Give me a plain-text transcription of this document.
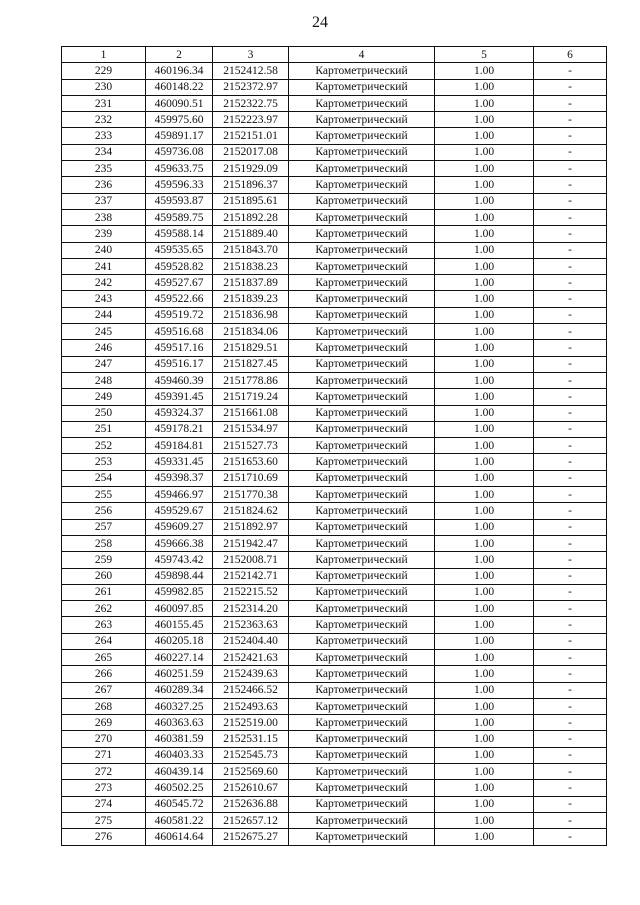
24
1	2	3	4	5	6
229	460196.34	2152412.58	Картометрический	1.00	-
230	460148.22	2152372.97	Картометрический	1.00	-
231	460090.51	2152322.75	Картометрический	1.00	-
232	459975.60	2152223.97	Картометрический	1.00	-
233	459891.17	2152151.01	Картометрический	1.00	-
234	459736.08	2152017.08	Картометрический	1.00	-
235	459633.75	2151929.09	Картометрический	1.00	-
236	459596.33	2151896.37	Картометрический	1.00	-
237	459593.87	2151895.61	Картометрический	1.00	-
238	459589.75	2151892.28	Картометрический	1.00	-
239	459588.14	2151889.40	Картометрический	1.00	-
240	459535.65	2151843.70	Картометрический	1.00	-
241	459528.82	2151838.23	Картометрический	1.00	-
242	459527.67	2151837.89	Картометрический	1.00	-
243	459522.66	2151839.23	Картометрический	1.00	-
244	459519.72	2151836.98	Картометрический	1.00	-
245	459516.68	2151834.06	Картометрический	1.00	-
246	459517.16	2151829.51	Картометрический	1.00	-
247	459516.17	2151827.45	Картометрический	1.00	-
248	459460.39	2151778.86	Картометрический	1.00	-
249	459391.45	2151719.24	Картометрический	1.00	-
250	459324.37	2151661.08	Картометрический	1.00	-
251	459178.21	2151534.97	Картометрический	1.00	-
252	459184.81	2151527.73	Картометрический	1.00	-
253	459331.45	2151653.60	Картометрический	1.00	-
254	459398.37	2151710.69	Картометрический	1.00	-
255	459466.97	2151770.38	Картометрический	1.00	-
256	459529.67	2151824.62	Картометрический	1.00	-
257	459609.27	2151892.97	Картометрический	1.00	-
258	459666.38	2151942.47	Картометрический	1.00	-
259	459743.42	2152008.71	Картометрический	1.00	-
260	459898.44	2152142.71	Картометрический	1.00	-
261	459982.85	2152215.52	Картометрический	1.00	-
262	460097.85	2152314.20	Картометрический	1.00	-
263	460155.45	2152363.63	Картометрический	1.00	-
264	460205.18	2152404.40	Картометрический	1.00	-
265	460227.14	2152421.63	Картометрический	1.00	-
266	460251.59	2152439.63	Картометрический	1.00	-
267	460289.34	2152466.52	Картометрический	1.00	-
268	460327.25	2152493.63	Картометрический	1.00	-
269	460363.63	2152519.00	Картометрический	1.00	-
270	460381.59	2152531.15	Картометрический	1.00	-
271	460403.33	2152545.73	Картометрический	1.00	-
272	460439.14	2152569.60	Картометрический	1.00	-
273	460502.25	2152610.67	Картометрический	1.00	-
274	460545.72	2152636.88	Картометрический	1.00	-
275	460581.22	2152657.12	Картометрический	1.00	-
276	460614.64	2152675.27	Картометрический	1.00	-
